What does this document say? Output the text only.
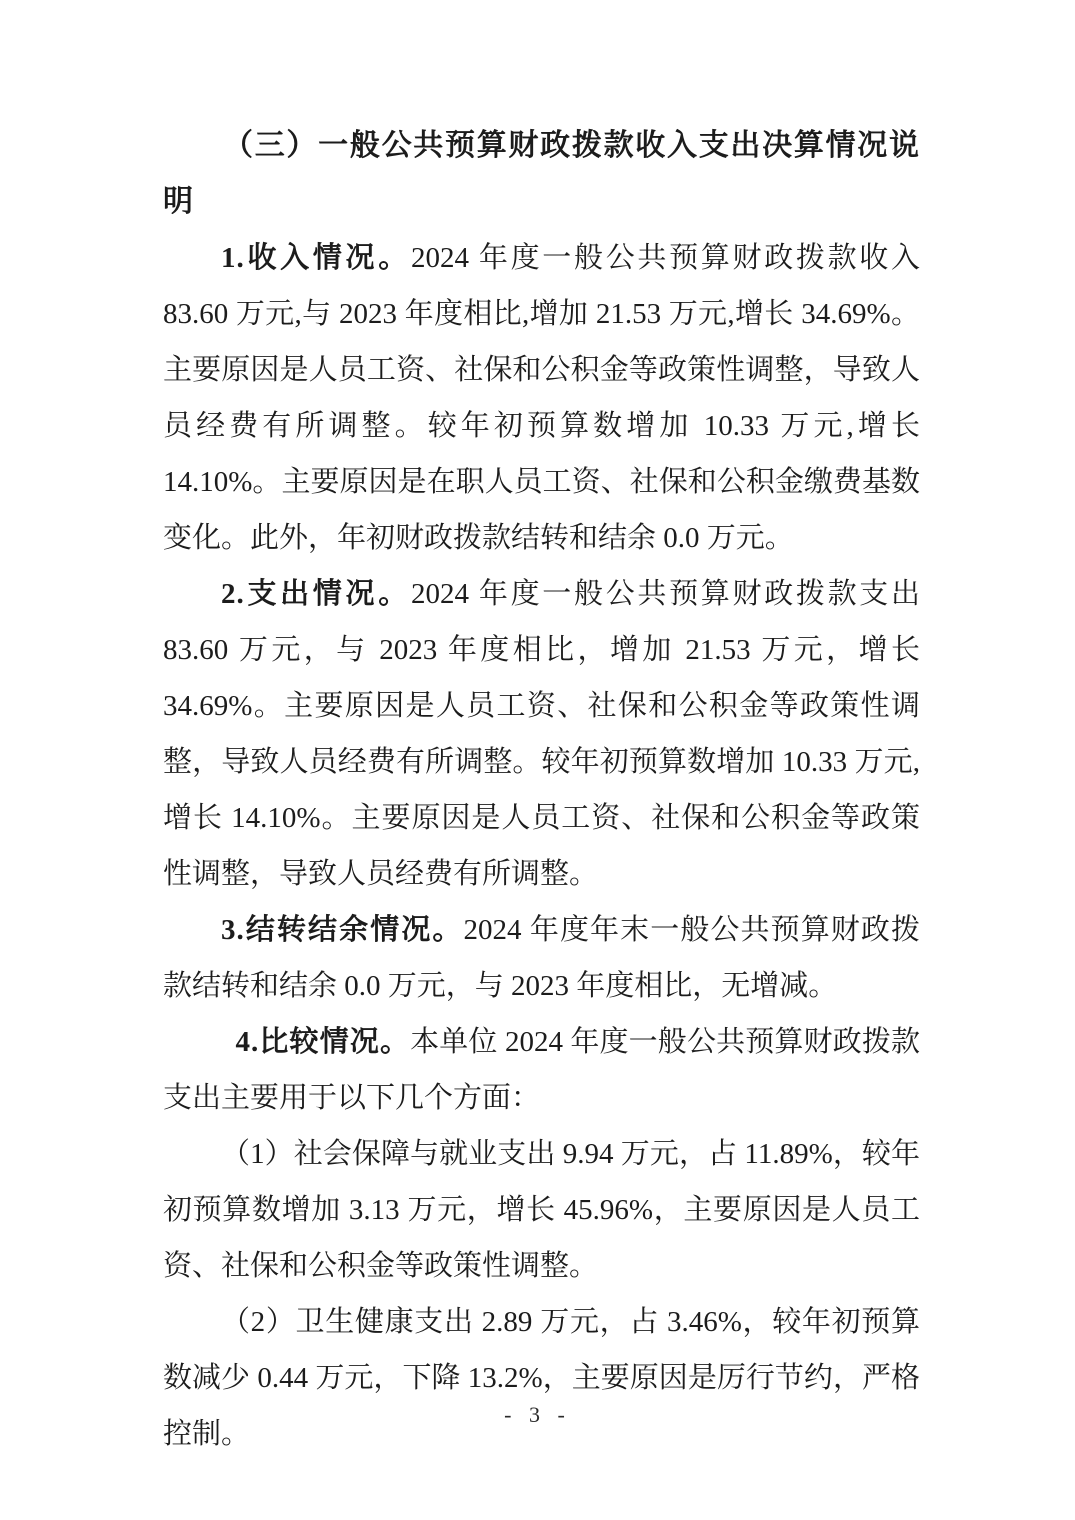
（三）一般公共预算财政拨款收入支出决算情况说明

1.收入情况。2024 年度一般公共预算财政拨款收入 83.60 万元,与 2023 年度相比,增加 21.53 万元,增长 34.69%。主要原因是人员工资、社保和公积金等政策性调整，导致人员经费有所调整。较年初预算数增加 10.33 万元,增长 14.10%。主要原因是在职人员工资、社保和公积金缴费基数变化。此外，年初财政拨款结转和结余 0.0 万元。

2.支出情况。2024 年度一般公共预算财政拨款支出 83.60 万元，与 2023 年度相比，增加 21.53 万元，增长 34.69%。主要原因是人员工资、社保和公积金等政策性调整，导致人员经费有所调整。较年初预算数增加 10.33 万元,增长 14.10%。主要原因是人员工资、社保和公积金等政策性调整，导致人员经费有所调整。

3.结转结余情况。2024 年度年末一般公共预算财政拨款结转和结余 0.0 万元，与 2023 年度相比，无增减。

4.比较情况。本单位 2024 年度一般公共预算财政拨款支出主要用于以下几个方面：

（1）社会保障与就业支出 9.94 万元，占 11.89%，较年初预算数增加 3.13 万元，增长 45.96%，主要原因是人员工资、社保和公积金等政策性调整。

（2）卫生健康支出 2.89 万元，占 3.46%，较年初预算数减少 0.44 万元，下降 13.2%，主要原因是厉行节约，严格控制。

- 3 -
